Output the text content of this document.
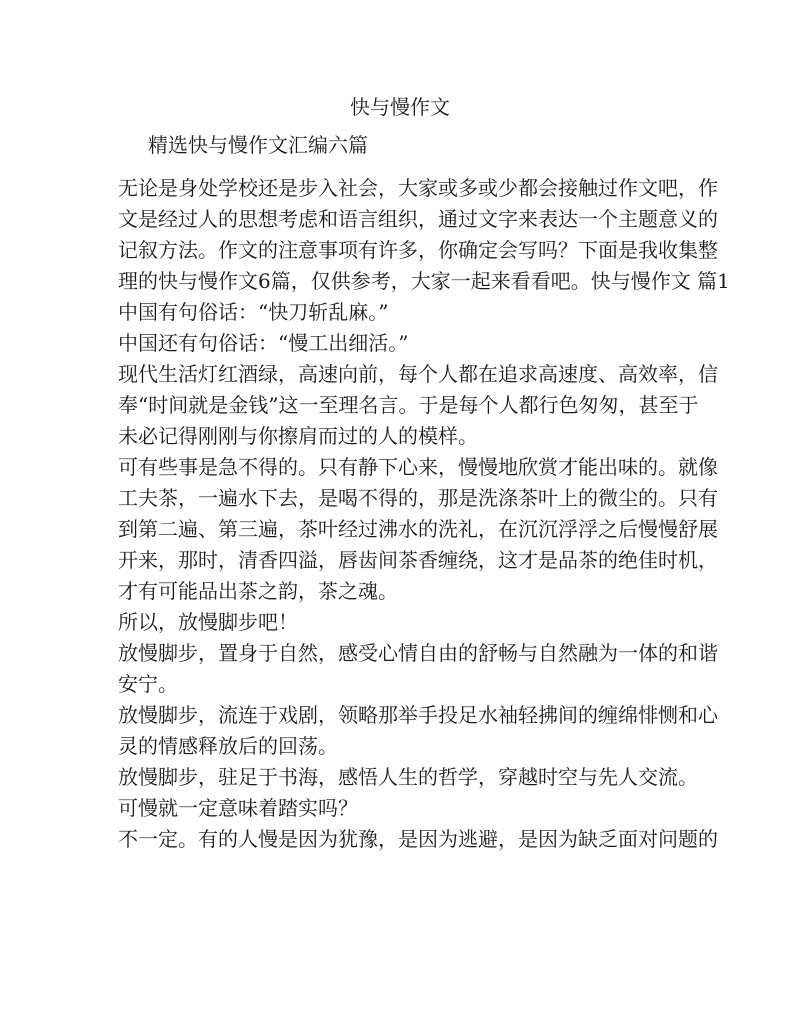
快与慢作文
精选快与慢作文汇编六篇
无论是身处学校还是步入社会，大家或多或少都会接触过作文吧，作
文是经过人的思想考虑和语言组织，通过文字来表达一个主题意义的
记叙方法。作文的注意事项有许多，你确定会写吗？下面是我收集整
理的快与慢作文6篇，仅供参考，大家一起来看看吧。快与慢作文 篇1
中国有句俗话：“快刀斩乱麻。”
中国还有句俗话：“慢工出细活。”
现代生活灯红酒绿，高速向前，每个人都在追求高速度、高效率，信
奉“时间就是金钱”这一至理名言。于是每个人都行色匆匆，甚至于
未必记得刚刚与你擦肩而过的人的模样。
可有些事是急不得的。只有静下心来，慢慢地欣赏才能出味的。就像
工夫茶，一遍水下去，是喝不得的，那是洗涤茶叶上的微尘的。只有
到第二遍、第三遍，茶叶经过沸水的洗礼，在沉沉浮浮之后慢慢舒展
开来，那时，清香四溢，唇齿间茶香缠绕，这才是品茶的绝佳时机，
才有可能品出茶之韵，茶之魂。
所以，放慢脚步吧！
放慢脚步，置身于自然，感受心情自由的舒畅与自然融为一体的和谐
安宁。
放慢脚步，流连于戏剧，领略那举手投足水袖轻拂间的缠绵悱恻和心
灵的情感释放后的回荡。
放慢脚步，驻足于书海，感悟人生的哲学，穿越时空与先人交流。
可慢就一定意味着踏实吗？
不一定。有的人慢是因为犹豫，是因为逃避，是因为缺乏面对问题的
